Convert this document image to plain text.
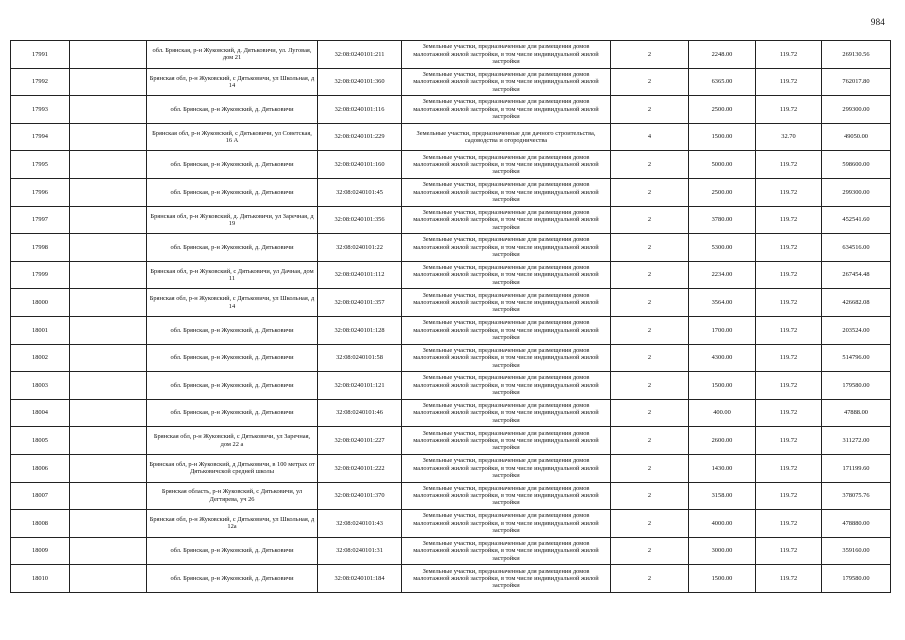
984
17991		обл. Брянская, р-н Жуковский, д. Дятьковичи, ул. Луговая, дом 21	32:08:0240101:211	Земельные участки, предназначенные для размещения домов малоэтажной жилой застройки, в том числе индивидуальной жилой застройки	2	2248.00	119.72	269130.56
17992		Брянская обл, р-н Жуковский, с Дятьковичи, ул Школьная, д 14	32:08:0240101:360	Земельные участки, предназначенные для размещения домов малоэтажной жилой застройки, в том числе индивидуальной жилой застройки	2	6365.00	119.72	762017.80
17993		обл. Брянская, р-н Жуковский, д. Дятьковичи	32:08:0240101:116	Земельные участки, предназначенные для размещения домов малоэтажной жилой застройки, в том числе индивидуальной жилой застройки	2	2500.00	119.72	299300.00
17994		Брянская обл, р-н Жуковский, с Дятьковичи, ул Советская, 16 А	32:08:0240101:229	Земельные участки, предназначенные для дачного строительства, садоводства и огородничества	4	1500.00	32.70	49050.00
17995		обл. Брянская, р-н Жуковский, д. Дятьковичи	32:08:0240101:160	Земельные участки, предназначенные для размещения домов малоэтажной жилой застройки, в том числе индивидуальной жилой застройки	2	5000.00	119.72	598600.00
17996		обл. Брянская, р-н Жуковский, д. Дятьковичи	32:08:0240101:45	Земельные участки, предназначенные для размещения домов малоэтажной жилой застройки, в том числе индивидуальной жилой застройки	2	2500.00	119.72	299300.00
17997		Брянская обл, р-н Жуковский, д. Дятьковичи, ул Заречная, д 19	32:08:0240101:356	Земельные участки, предназначенные для размещения домов малоэтажной жилой застройки, в том числе индивидуальной жилой застройки	2	3780.00	119.72	452541.60
17998		обл. Брянская, р-н Жуковский, д. Дятьковичи	32:08:0240101:22	Земельные участки, предназначенные для размещения домов малоэтажной жилой застройки, в том числе индивидуальной жилой застройки	2	5300.00	119.72	634516.00
17999		Брянская обл, р-н Жуковский, с Дятьковичи, ул Дачная, дом 11	32:08:0240101:112	Земельные участки, предназначенные для размещения домов малоэтажной жилой застройки, в том числе индивидуальной жилой застройки	2	2234.00	119.72	267454.48
18000		Брянская обл, р-н Жуковский, с Дятьковичи, ул Школьная, д 14	32:08:0240101:357	Земельные участки, предназначенные для размещения домов малоэтажной жилой застройки, в том числе индивидуальной жилой застройки	2	3564.00	119.72	426682.08
18001		обл. Брянская, р-н Жуковский, д. Дятьковичи	32:08:0240101:128	Земельные участки, предназначенные для размещения домов малоэтажной жилой застройки, в том числе индивидуальной жилой застройки	2	1700.00	119.72	203524.00
18002		обл. Брянская, р-н Жуковский, д. Дятьковичи	32:08:0240101:58	Земельные участки, предназначенные для размещения домов малоэтажной жилой застройки, в том числе индивидуальной жилой застройки	2	4300.00	119.72	514796.00
18003		обл. Брянская, р-н Жуковский, д. Дятьковичи	32:08:0240101:121	Земельные участки, предназначенные для размещения домов малоэтажной жилой застройки, в том числе индивидуальной жилой застройки	2	1500.00	119.72	179580.00
18004		обл. Брянская, р-н Жуковский, д. Дятьковичи	32:08:0240101:46	Земельные участки, предназначенные для размещения домов малоэтажной жилой застройки, в том числе индивидуальной жилой застройки	2	400.00	119.72	47888.00
18005		Брянская обл, р-н Жуковский, с Дятьковичи, ул Заречная, дом 22 а	32:08:0240101:227	Земельные участки, предназначенные для размещения домов малоэтажной жилой застройки, в том числе индивидуальной жилой застройки	2	2600.00	119.72	311272.00
18006		Брянская обл, р-н Жуковский, д Дятьковичи, в 100 метрах от Дятьковичской средней школы	32:08:0240101:222	Земельные участки, предназначенные для размещения домов малоэтажной жилой застройки, в том числе индивидуальной жилой застройки	2	1430.00	119.72	171199.60
18007		Брянская область, р-н Жуковский, с Дятьковичи, ул Дегтярева, уч 26	32:08:0240101:370	Земельные участки, предназначенные для размещения домов малоэтажной жилой застройки, в том числе индивидуальной жилой застройки	2	3158.00	119.72	378075.76
18008		Брянская обл, р-н Жуковский, с Дятьковичи, ул Школьная, д 12а	32:08:0240101:43	Земельные участки, предназначенные для размещения домов малоэтажной жилой застройки, в том числе индивидуальной жилой застройки	2	4000.00	119.72	478880.00
18009		обл. Брянская, р-н Жуковский, д. Дятьковичи	32:08:0240101:31	Земельные участки, предназначенные для размещения домов малоэтажной жилой застройки, в том числе индивидуальной жилой застройки	2	3000.00	119.72	359160.00
18010		обл. Брянская, р-н Жуковский, д. Дятьковичи	32:08:0240101:184	Земельные участки, предназначенные для размещения домов малоэтажной жилой застройки, в том числе индивидуальной жилой застройки	2	1500.00	119.72	179580.00
